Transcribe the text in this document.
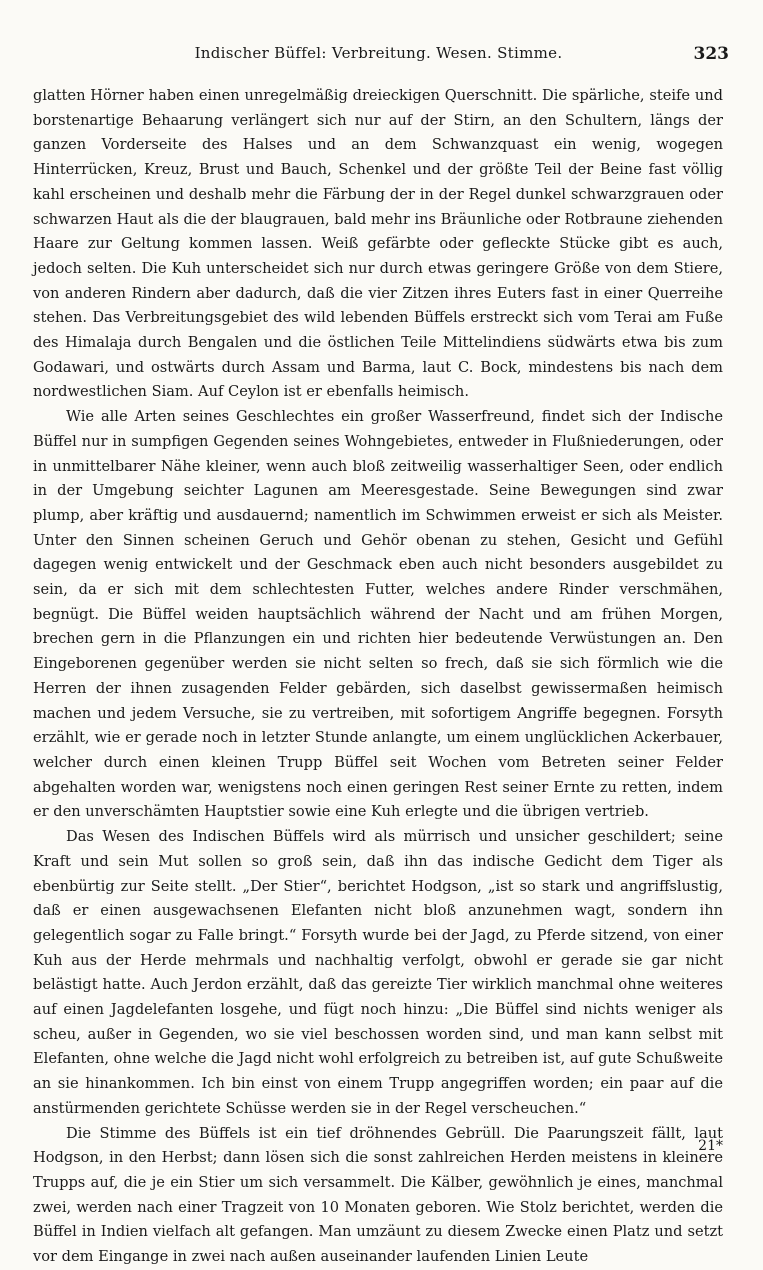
Indischer Büffel: Verbreitung. Wesen. Stimme.	323

glatten Hörner haben einen unregelmäßig dreieckigen Querschnitt. Die spärliche, steife und borstenartige Behaarung verlängert sich nur auf der Stirn, an den Schultern, längs der ganzen Vorderseite des Halses und an dem Schwanzquast ein wenig, wogegen Hinterrücken, Kreuz, Brust und Bauch, Schenkel und der größte Teil der Beine fast völlig kahl erscheinen und deshalb mehr die Färbung der in der Regel dunkel schwarzgrauen oder schwarzen Haut als die der blaugrauen, bald mehr ins Bräunliche oder Rotbraune ziehenden Haare zur Geltung kommen lassen. Weiß gefärbte oder gefleckte Stücke gibt es auch, jedoch selten. Die Kuh unterscheidet sich nur durch etwas geringere Größe von dem Stiere, von anderen Rindern aber dadurch, daß die vier Zitzen ihres Euters fast in einer Querreihe stehen. Das Verbreitungsgebiet des wild lebenden Büffels erstreckt sich vom Terai am Fuße des Himalaja durch Bengalen und die östlichen Teile Mittelindiens südwärts etwa bis zum Godawari, und ostwärts durch Assam und Barma, laut C. Bock, mindestens bis nach dem nordwestlichen Siam. Auf Ceylon ist er ebenfalls heimisch.

Wie alle Arten seines Geschlechtes ein großer Wasserfreund, findet sich der Indische Büffel nur in sumpfigen Gegenden seines Wohngebietes, entweder in Flußniederungen, oder in unmittelbarer Nähe kleiner, wenn auch bloß zeitweilig wasserhaltiger Seen, oder endlich in der Umgebung seichter Lagunen am Meeresgestade. Seine Bewegungen sind zwar plump, aber kräftig und ausdauernd; namentlich im Schwimmen erweist er sich als Meister. Unter den Sinnen scheinen Geruch und Gehör obenan zu stehen, Gesicht und Gefühl dagegen wenig entwickelt und der Geschmack eben auch nicht besonders ausgebildet zu sein, da er sich mit dem schlechtesten Futter, welches andere Rinder verschmähen, begnügt. Die Büffel weiden hauptsächlich während der Nacht und am frühen Morgen, brechen gern in die Pflanzungen ein und richten hier bedeutende Verwüstungen an. Den Eingeborenen gegenüber werden sie nicht selten so frech, daß sie sich förmlich wie die Herren der ihnen zusagenden Felder gebärden, sich daselbst gewissermaßen heimisch machen und jedem Versuche, sie zu vertreiben, mit sofortigem Angriffe begegnen. Forsyth erzählt, wie er gerade noch in letzter Stunde anlangte, um einem unglücklichen Ackerbauer, welcher durch einen kleinen Trupp Büffel seit Wochen vom Betreten seiner Felder abgehalten worden war, wenigstens noch einen geringen Rest seiner Ernte zu retten, indem er den unverschämten Hauptstier sowie eine Kuh erlegte und die übrigen vertrieb.

Das Wesen des Indischen Büffels wird als mürrisch und unsicher geschildert; seine Kraft und sein Mut sollen so groß sein, daß ihn das indische Gedicht dem Tiger als ebenbürtig zur Seite stellt. „Der Stier“, berichtet Hodgson, „ist so stark und angriffslustig, daß er einen ausgewachsenen Elefanten nicht bloß anzunehmen wagt, sondern ihn gelegentlich sogar zu Falle bringt.“ Forsyth wurde bei der Jagd, zu Pferde sitzend, von einer Kuh aus der Herde mehrmals und nachhaltig verfolgt, obwohl er gerade sie gar nicht belästigt hatte. Auch Jerdon erzählt, daß das gereizte Tier wirklich manchmal ohne weiteres auf einen Jagdelefanten losgehe, und fügt noch hinzu: „Die Büffel sind nichts weniger als scheu, außer in Gegenden, wo sie viel beschossen worden sind, und man kann selbst mit Elefanten, ohne welche die Jagd nicht wohl erfolgreich zu betreiben ist, auf gute Schußweite an sie hinankommen. Ich bin einst von einem Trupp angegriffen worden; ein paar auf die anstürmenden gerichtete Schüsse werden sie in der Regel verscheuchen.“

Die Stimme des Büffels ist ein tief dröhnendes Gebrüll. Die Paarungszeit fällt, laut Hodgson, in den Herbst; dann lösen sich die sonst zahlreichen Herden meistens in kleinere Trupps auf, die je ein Stier um sich versammelt. Die Kälber, gewöhnlich je eines, manchmal zwei, werden nach einer Tragzeit von 10 Monaten geboren. Wie Stolz berichtet, werden die Büffel in Indien vielfach alt gefangen. Man umzäunt zu diesem Zwecke einen Platz und setzt vor dem Eingange in zwei nach außen auseinander laufenden Linien Leute

21*
